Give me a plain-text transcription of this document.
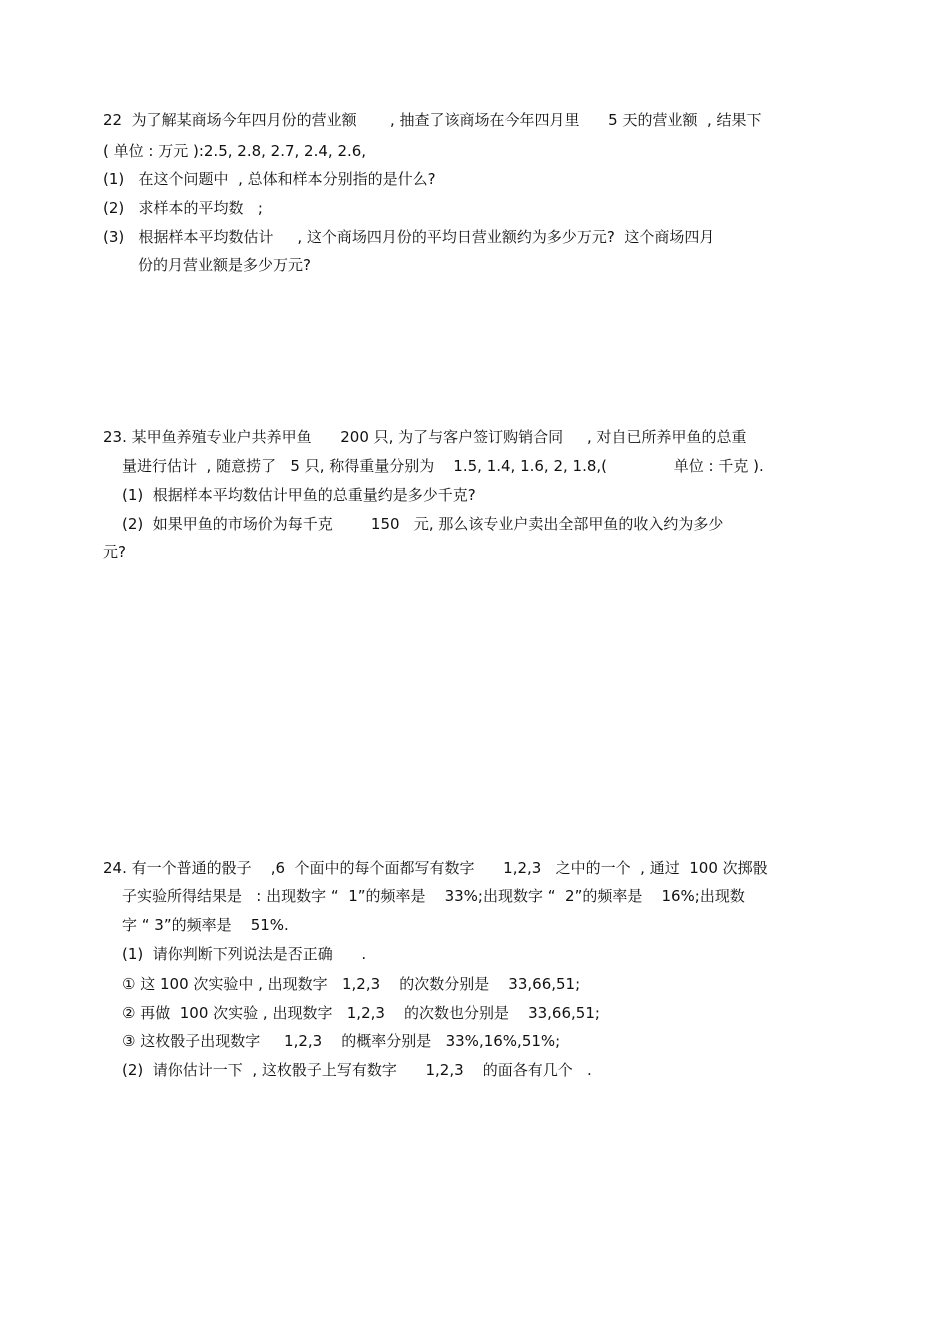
22  为了解某商场今年四月份的营业额       , 抽查了该商场在今年四月里      5 天的营业额  , 结果下
( 单位 : 万元 ):2.5, 2.8, 2.7, 2.4, 2.6,
(1)   在这个问题中  , 总体和样本分别指的是什么?
(2)   求样本的平均数   ;
(3)   根据样本平均数估计     , 这个商场四月份的平均日营业额约为多少万元?  这个商场四月
份的月营业额是多少万元?
23. 某甲鱼养殖专业户共养甲鱼      200 只, 为了与客户签订购销合同     , 对自已所养甲鱼的总重
量进行估计  , 随意捞了   5 只, 称得重量分别为    1.5, 1.4, 1.6, 2, 1.8,(              单位 : 千克 ).
(1)  根据样本平均数估计甲鱼的总重量约是多少千克?
(2)  如果甲鱼的市场价为每千克        150   元, 那么该专业户卖出全部甲鱼的收入约为多少
元?
24. 有一个普通的骰子    ,6  个面中的每个面都写有数字      1,2,3   之中的一个  , 通过  100 次掷骰
子实验所得结果是   : 出现数字 “  1”的频率是    33%;出现数字 “  2”的频率是    16%;出现数
字 “ 3”的频率是    51%.
(1)  请你判断下列说法是否正确      .
① 这 100 次实验中 , 出现数字   1,2,3    的次数分别是    33,66,51;
② 再做  100 次实验 , 出现数字   1,2,3    的次数也分别是    33,66,51;
③ 这枚骰子出现数字     1,2,3    的概率分别是   33%,16%,51%;
(2)  请你估计一下  , 这枚骰子上写有数字      1,2,3    的面各有几个   .
